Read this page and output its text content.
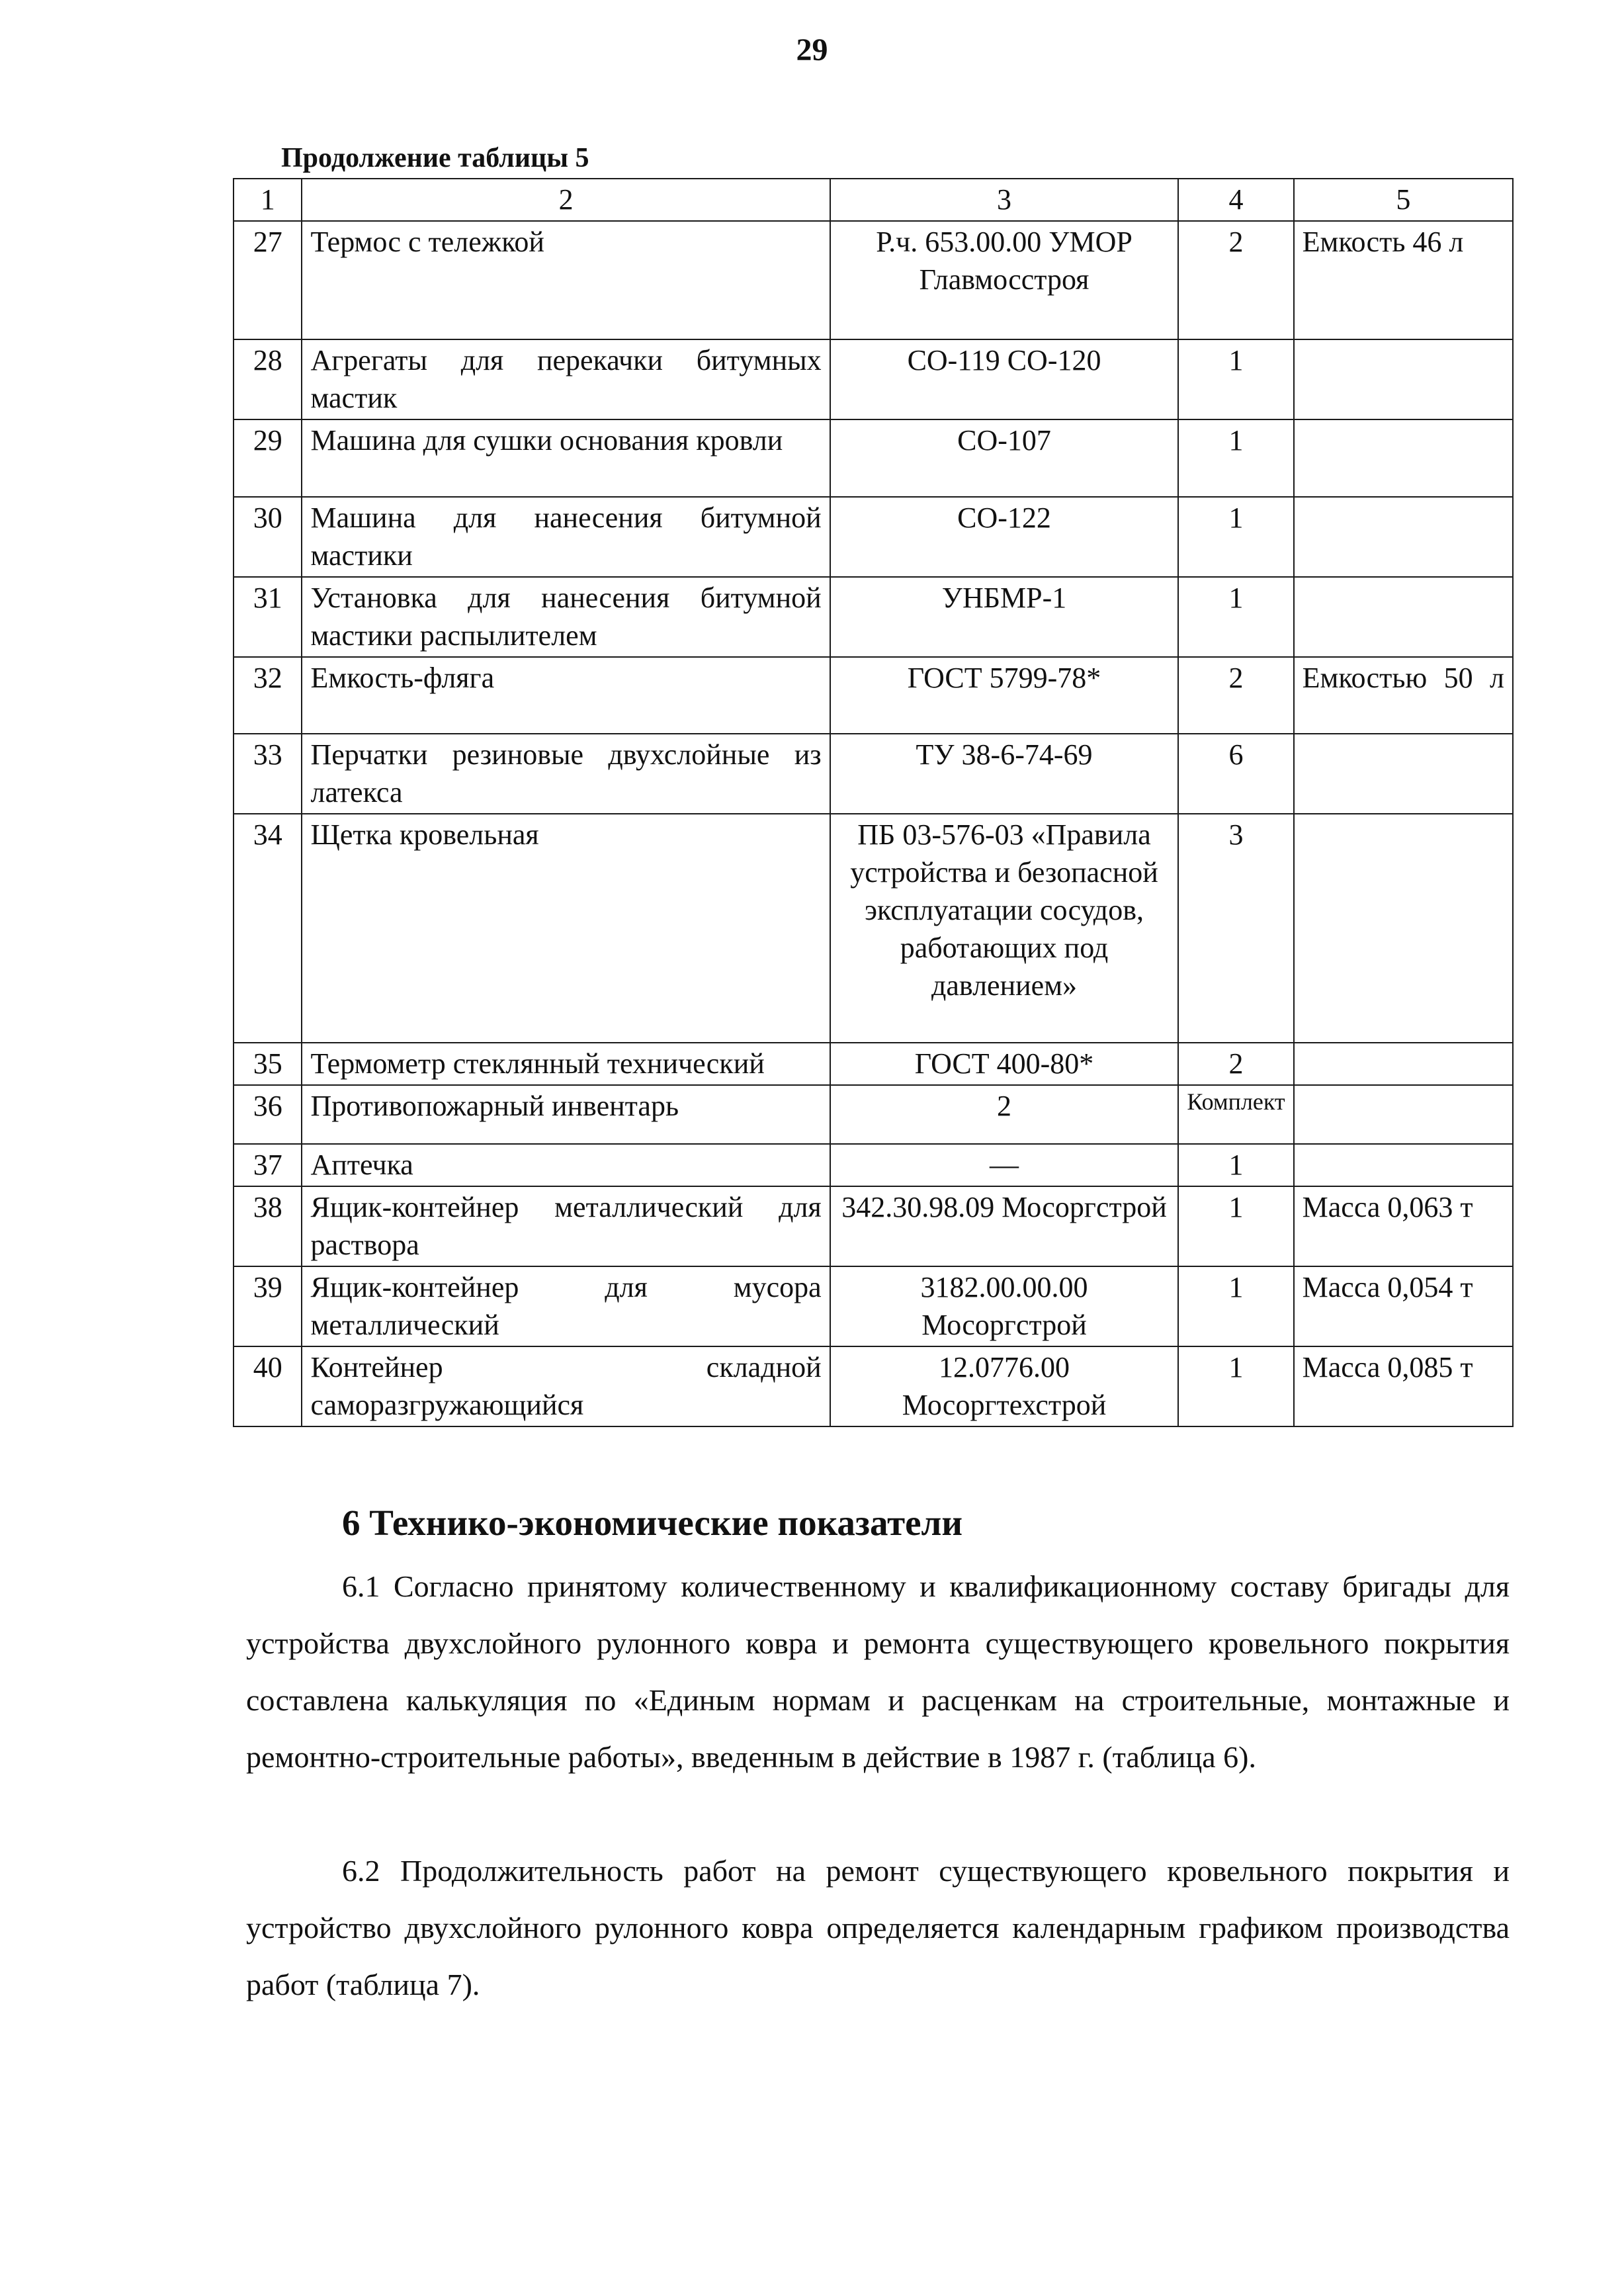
29
Продолжение таблицы 5
1	2	3	4	5
27	Термос с тележкой	Р.ч. 653.00.00 УМОР Главмосстроя	2	Емкость 46 л
28	Агрегаты для перекачки битумных мастик	СО-119 СО-120	1	
29	Машина для сушки основания кровли	СО-107	1	
30	Машина для нанесения битумной мастики	СО-122	1	
31	Установка для нанесения битумной мастики распылителем	УНБМР-1	1	
32	Емкость-фляга	ГОСТ 5799-78*	2	Емкостью 50 л
33	Перчатки резиновые двухслойные из латекса	ТУ 38-6-74-69	6	
34	Щетка кровельная	ПБ 03-576-03 «Правила устройства и безопасной эксплуатации сосудов, работающих под давлением»	3	
35	Термометр стеклянный технический	ГОСТ 400-80*	2	
36	Противопожарный инвентарь	2	Комплект	
37	Аптечка	—	1	
38	Ящик-контейнер металлический для раствора	342.30.98.09 Мосоргстрой	1	Масса 0,063 т
39	Ящик-контейнер для мусора металлический	3182.00.00.00 Мосоргстрой	1	Масса 0,054 т
40	Контейнер складной саморазгружающийся	12.0776.00 Мосоргтехстрой	1	Масса 0,085 т
6 Технико-экономические показатели

6.1 Согласно принятому количественному и квалификационному составу бригады для устройства двухслойного рулонного ковра и ремонта существующего кровельного покрытия составлена калькуляция по «Единым нормам и расценкам на строительные, монтажные и ремонтно-строительные работы», введенным в действие в 1987 г. (таблица 6).

6.2 Продолжительность работ на ремонт существующего кровельного покрытия и устройство двухслойного рулонного ковра определяется календарным графиком производства работ (таблица 7).
